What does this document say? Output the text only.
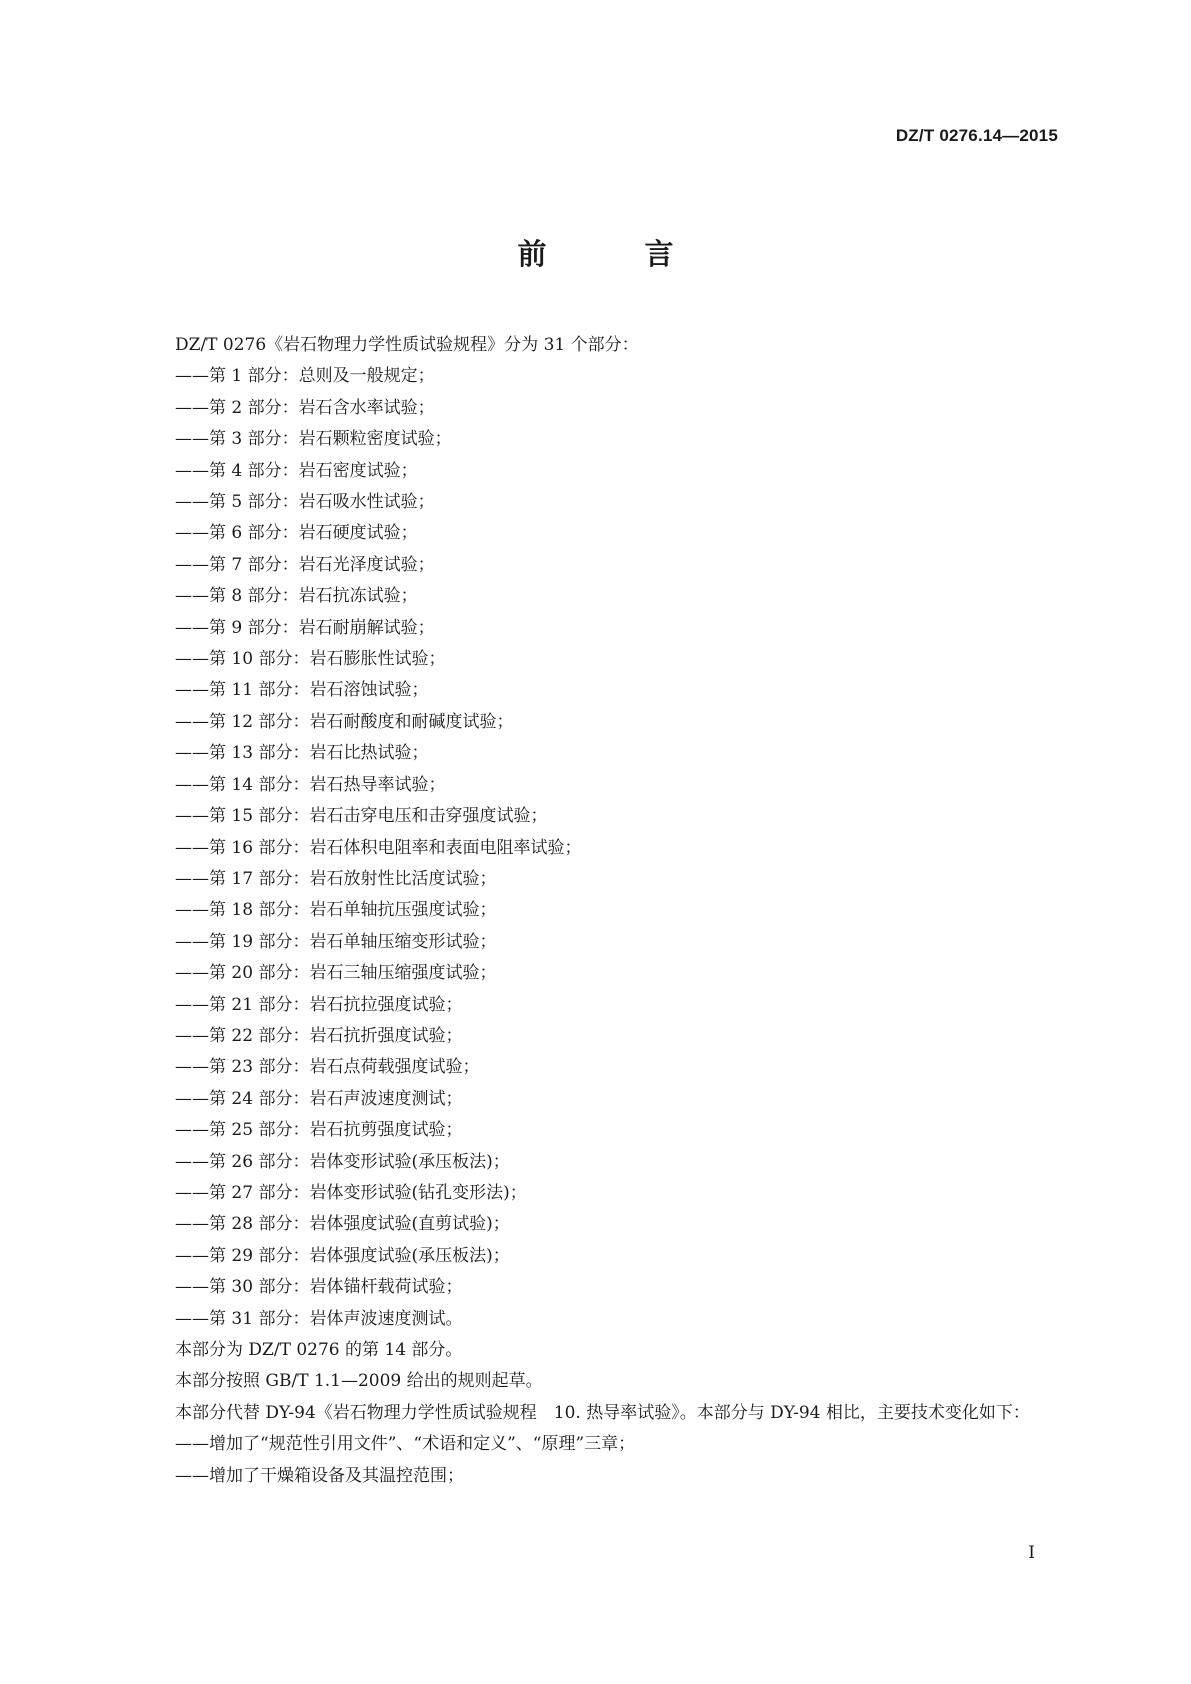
DZ/T 0276.14—2015
前 言
DZ/T 0276《岩石物理力学性质试验规程》分为 31 个部分：
——第 1 部分：总则及一般规定；
——第 2 部分：岩石含水率试验；
——第 3 部分：岩石颗粒密度试验；
——第 4 部分：岩石密度试验；
——第 5 部分：岩石吸水性试验；
——第 6 部分：岩石硬度试验；
——第 7 部分：岩石光泽度试验；
——第 8 部分：岩石抗冻试验；
——第 9 部分：岩石耐崩解试验；
——第 10 部分：岩石膨胀性试验；
——第 11 部分：岩石溶蚀试验；
——第 12 部分：岩石耐酸度和耐碱度试验；
——第 13 部分：岩石比热试验；
——第 14 部分：岩石热导率试验；
——第 15 部分：岩石击穿电压和击穿强度试验；
——第 16 部分：岩石体积电阻率和表面电阻率试验；
——第 17 部分：岩石放射性比活度试验；
——第 18 部分：岩石单轴抗压强度试验；
——第 19 部分：岩石单轴压缩变形试验；
——第 20 部分：岩石三轴压缩强度试验；
——第 21 部分：岩石抗拉强度试验；
——第 22 部分：岩石抗折强度试验；
——第 23 部分：岩石点荷载强度试验；
——第 24 部分：岩石声波速度测试；
——第 25 部分：岩石抗剪强度试验；
——第 26 部分：岩体变形试验(承压板法)；
——第 27 部分：岩体变形试验(钻孔变形法)；
——第 28 部分：岩体强度试验(直剪试验)；
——第 29 部分：岩体强度试验(承压板法)；
——第 30 部分：岩体锚杆载荷试验；
——第 31 部分：岩体声波速度测试。
本部分为 DZ/T 0276 的第 14 部分。
本部分按照 GB/T 1.1—2009 给出的规则起草。
本部分代替 DY-94《岩石物理力学性质试验规程　10. 热导率试验》。本部分与 DY-94 相比，主要技术变化如下：
——增加了“规范性引用文件”、“术语和定义”、“原理”三章；
——增加了干燥箱设备及其温控范围；
I
